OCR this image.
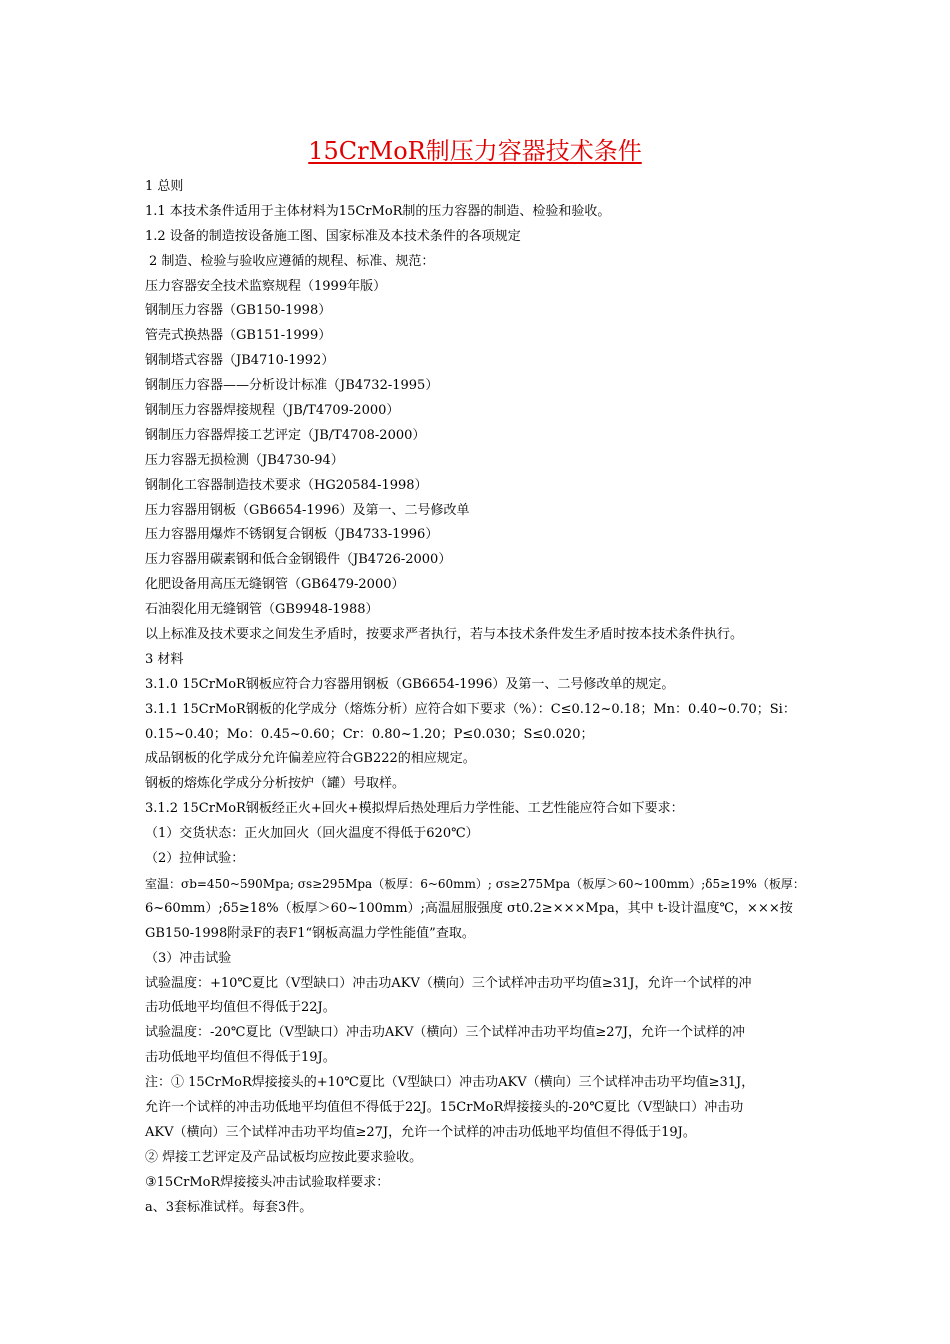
15CrMoR制压力容器技术条件
1 总则
1.1 本技术条件适用于主体材料为15CrMoR制的压力容器的制造、检验和验收。
1.2 设备的制造按设备施工图、国家标准及本技术条件的各项规定
2 制造、检验与验收应遵循的规程、标准、规范：
压力容器安全技术监察规程（1999年版）
钢制压力容器（GB150-1998）
管壳式换热器（GB151-1999）
钢制塔式容器（JB4710-1992）
钢制压力容器——分析设计标准（JB4732-1995）
钢制压力容器焊接规程（JB/T4709-2000）
钢制压力容器焊接工艺评定（JB/T4708-2000）
压力容器无损检测（JB4730-94）
钢制化工容器制造技术要求（HG20584-1998）
压力容器用钢板（GB6654-1996）及第一、二号修改单
压力容器用爆炸不锈钢复合钢板（JB4733-1996）
压力容器用碳素钢和低合金钢锻件（JB4726-2000）
化肥设备用高压无缝钢管（GB6479-2000）
石油裂化用无缝钢管（GB9948-1988）
以上标准及技术要求之间发生矛盾时，按要求严者执行，若与本技术条件发生矛盾时按本技术条件执行。
3 材料
3.1.0 15CrMoR钢板应符合力容器用钢板（GB6654-1996）及第一、二号修改单的规定。
3.1.1 15CrMoR钢板的化学成分（熔炼分析）应符合如下要求（%）：C≤0.12~0.18；Mn：0.40~0.70；Si：
0.15~0.40；Mo：0.45~0.60；Cr：0.80~1.20；P≤0.030；S≤0.020；
成品钢板的化学成分允许偏差应符合GB222的相应规定。
钢板的熔炼化学成分分析按炉（罐）号取样。
3.1.2 15CrMoR钢板经正火+回火+模拟焊后热处理后力学性能、工艺性能应符合如下要求：
（1）交货状态：正火加回火（回火温度不得低于620℃）
（2）拉伸试验：
室温：σb=450~590Mpa; σs≥295Mpa（板厚：6~60mm）; σs≥275Mpa（板厚＞60~100mm）;δ5≥19%（板厚：
6~60mm）;δ5≥18%（板厚＞60~100mm）;高温屈服强度 σt0.2≥×××Mpa，其中 t-设计温度℃，×××按
GB150-1998附录F的表F1“钢板高温力学性能值”查取。
（3）冲击试验
试验温度：+10℃夏比（V型缺口）冲击功AKV（横向）三个试样冲击功平均值≥31J，允许一个试样的冲
击功低地平均值但不得低于22J。
试验温度：-20℃夏比（V型缺口）冲击功AKV（横向）三个试样冲击功平均值≥27J，允许一个试样的冲
击功低地平均值但不得低于19J。
注：① 15CrMoR焊接接头的+10℃夏比（V型缺口）冲击功AKV（横向）三个试样冲击功平均值≥31J，
允许一个试样的冲击功低地平均值但不得低于22J。15CrMoR焊接接头的-20℃夏比（V型缺口）冲击功
AKV（横向）三个试样冲击功平均值≥27J，允许一个试样的冲击功低地平均值但不得低于19J。
② 焊接工艺评定及产品试板均应按此要求验收。
③15CrMoR焊接接头冲击试验取样要求：
a、3套标准试样。每套3件。
